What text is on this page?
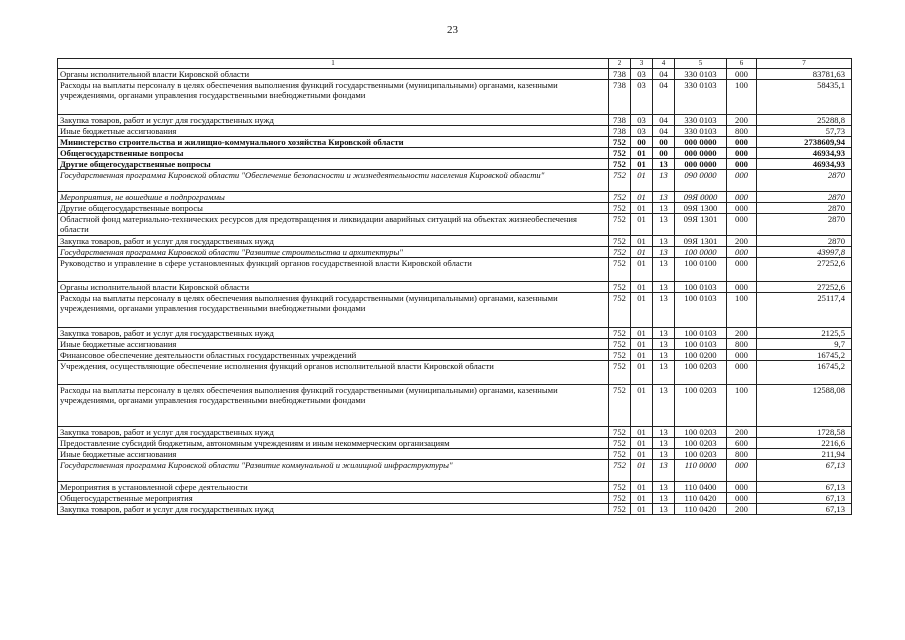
23
1	2	3	4	5	6	7
Органы исполнительной власти Кировской области	738	03	04	330 0103	000	83781,63
Расходы на выплаты персоналу в целях обеспечения выполнения функций государственными (муниципальными) органами, казенными учреждениями, органами управления государственными внебюджетными фондами	738	03	04	330 0103	100	58435,1
Закупка товаров, работ и услуг для государственных нужд	738	03	04	330 0103	200	25288,8
Иные бюджетные ассигнования	738	03	04	330 0103	800	57,73
Министерство строительства и жилищно-коммунального хозяйства Кировской области	752	00	00	000 0000	000	2738609,94
Общегосударственные вопросы	752	01	00	000 0000	000	46934,93
Другие общегосударственные вопросы	752	01	13	000 0000	000	46934,93
Государственная программа Кировской области "Обеспечение безопасности и жизнедеятельности населения Кировской области"	752	01	13	090 0000	000	2870
Мероприятия, не вошедшие в подпрограммы	752	01	13	09Я 0000	000	2870
Другие общегосударственные вопросы	752	01	13	09Я 1300	000	2870
Областной фонд материально-технических ресурсов для предотвращения и ликвидации аварийных ситуаций на объектах жизнеобеспечения области	752	01	13	09Я 1301	000	2870
Закупка товаров, работ и услуг для государственных нужд	752	01	13	09Я 1301	200	2870
Государственная программа Кировской области "Развитие строительства и архитектуры"	752	01	13	100 0000	000	43997,8
Руководство и управление в сфере установленных функций органов государственной власти Кировской области	752	01	13	100 0100	000	27252,6
Органы исполнительной власти Кировской области	752	01	13	100 0103	000	27252,6
Расходы на выплаты персоналу в целях обеспечения выполнения функций государственными (муниципальными) органами, казенными учреждениями, органами управления государственными внебюджетными фондами	752	01	13	100 0103	100	25117,4
Закупка товаров, работ и услуг для государственных нужд	752	01	13	100 0103	200	2125,5
Иные бюджетные ассигнования	752	01	13	100 0103	800	9,7
Финансовое обеспечение деятельности областных государственных учреждений	752	01	13	100 0200	000	16745,2
Учреждения, осуществляющие обеспечение исполнения функций органов исполнительной власти Кировской области	752	01	13	100 0203	000	16745,2
Расходы на выплаты персоналу в целях обеспечения выполнения функций государственными (муниципальными) органами, казенными учреждениями, органами управления государственными внебюджетными фондами	752	01	13	100 0203	100	12588,08
Закупка товаров, работ и услуг для государственных нужд	752	01	13	100 0203	200	1728,58
Предоставление субсидий бюджетным, автономным учреждениям и иным некоммерческим организациям	752	01	13	100 0203	600	2216,6
Иные бюджетные ассигнования	752	01	13	100 0203	800	211,94
Государственная программа Кировской области "Развитие коммунальной и жилищной инфраструктуры"	752	01	13	110 0000	000	67,13
Мероприятия в установленной сфере деятельности	752	01	13	110 0400	000	67,13
Общегосударственные мероприятия	752	01	13	110 0420	000	67,13
Закупка товаров, работ и услуг для государственных нужд	752	01	13	110 0420	200	67,13
